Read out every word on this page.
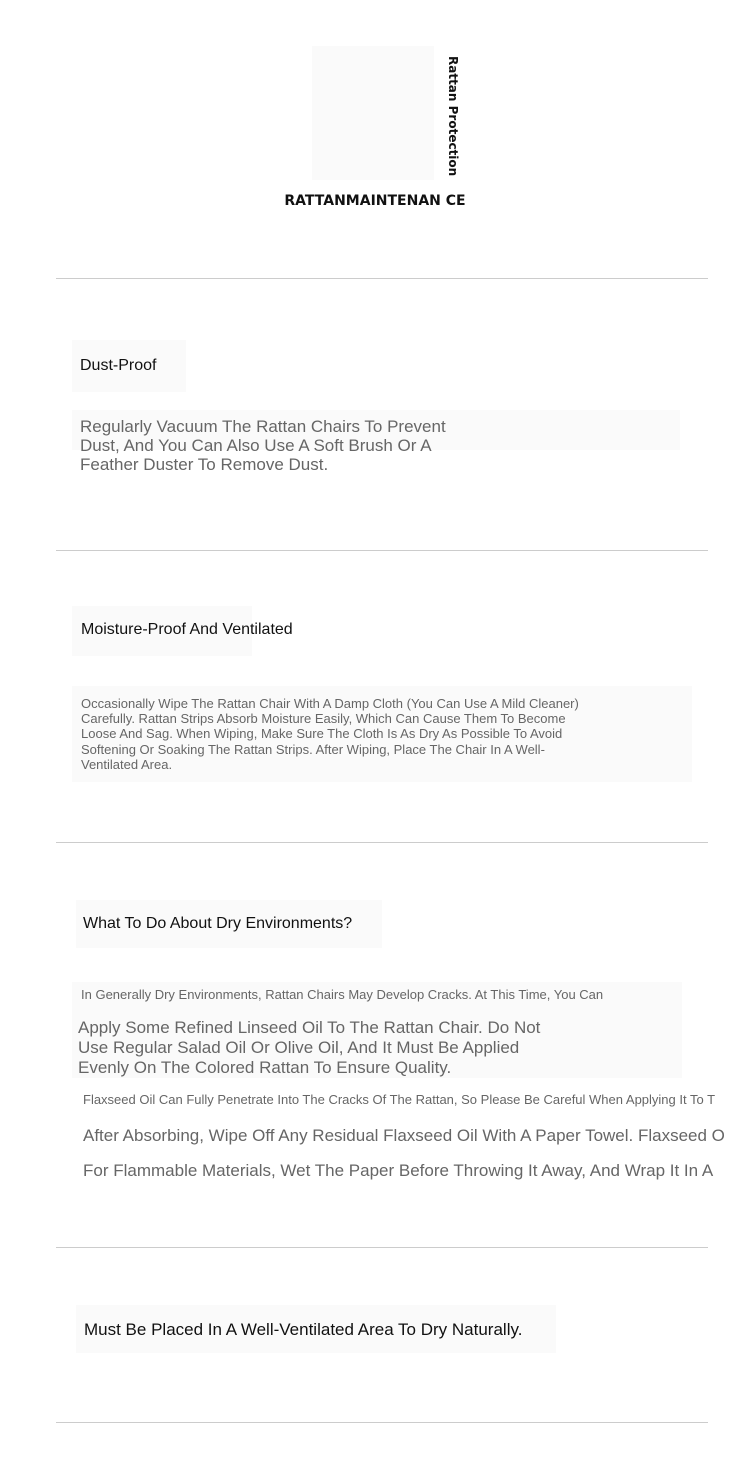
Rattan Protection
RATTANMAINTENAN CE
Dust-Proof
Regularly Vacuum The Rattan Chairs To Prevent Dust, And You Can Also Use A Soft Brush Or A Feather Duster To Remove Dust.
Moisture-Proof And Ventilated
Occasionally Wipe The Rattan Chair With A Damp Cloth (You Can Use A Mild Cleaner) Carefully. Rattan Strips Absorb Moisture Easily, Which Can Cause Them To Become Loose And Sag. When Wiping, Make Sure The Cloth Is As Dry As Possible To Avoid Softening Or Soaking The Rattan Strips. After Wiping, Place The Chair In A Well-Ventilated Area.
What To Do About Dry Environments?
In Generally Dry Environments, Rattan Chairs May Develop Cracks. At This Time, You Can
Apply Some Refined Linseed Oil To The Rattan Chair. Do Not Use Regular Salad Oil Or Olive Oil, And It Must Be Applied Evenly On The Colored Rattan To Ensure Quality.
Flaxseed Oil Can Fully Penetrate Into The Cracks Of The Rattan, So Please Be Careful When Applying It To T
After Absorbing, Wipe Off Any Residual Flaxseed Oil With A Paper Towel. Flaxseed O
For Flammable Materials, Wet The Paper Before Throwing It Away, And Wrap It In A
Must Be Placed In A Well-Ventilated Area To Dry Naturally.
